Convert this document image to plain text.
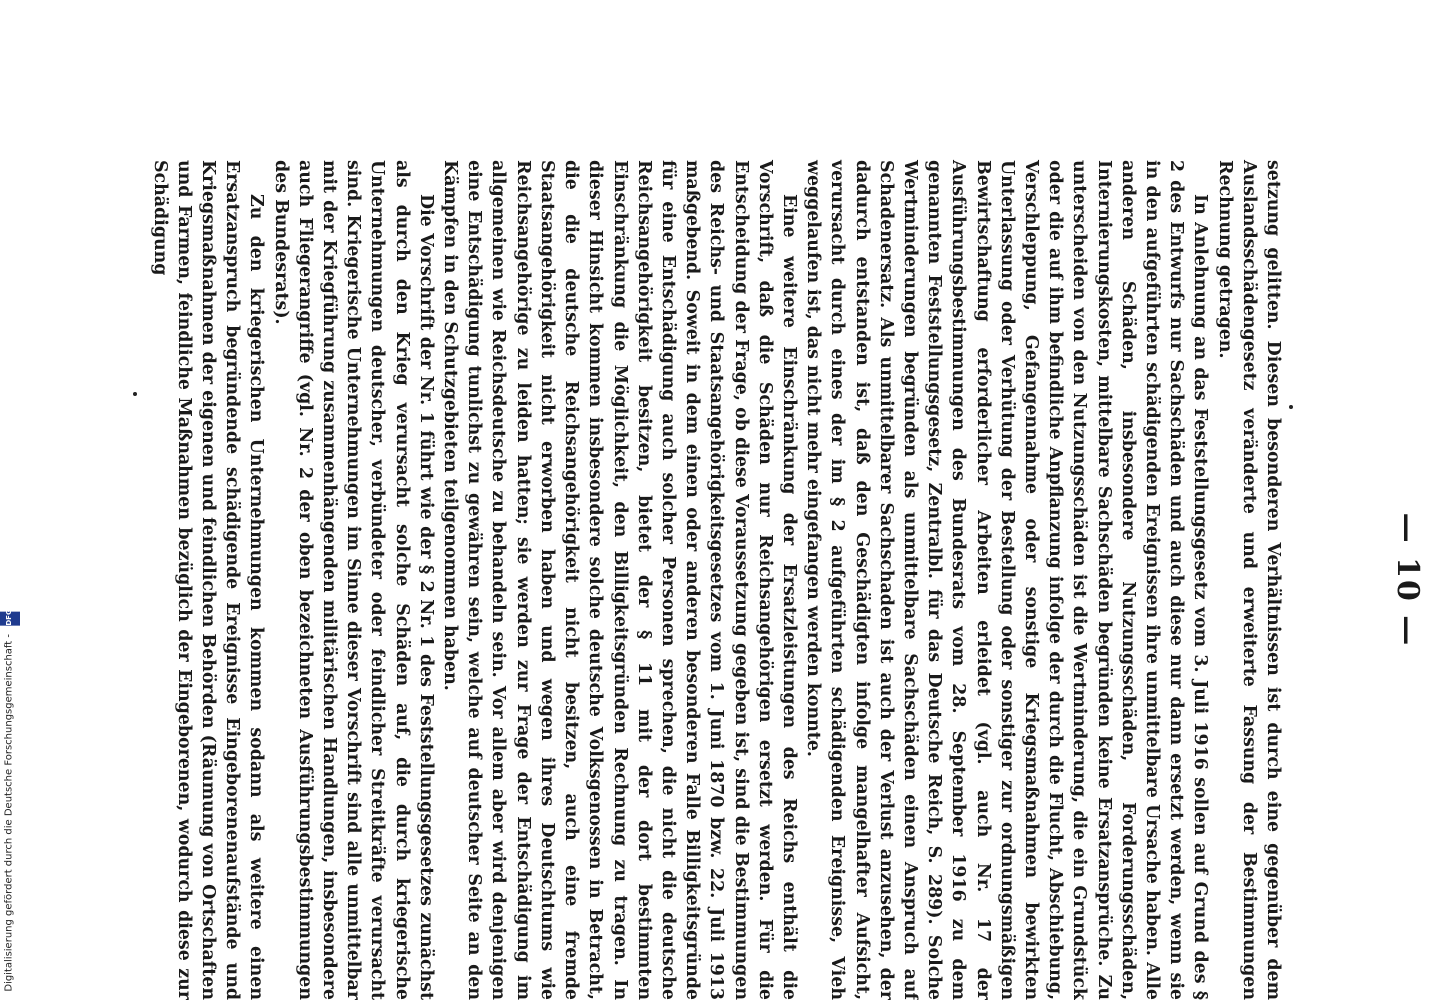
— 10 —

setzung gelitten. Diesen besonderen Verhältnissen ist durch eine gegenüber dem Auslandsschädengesetz veränderte und erweiterte Fassung der Bestimmungen Rechnung getragen.

In Anlehnung an das Feststellungsgesetz vom 3. Juli 1916 sollen auf Grund des § 2 des Entwurfs nur Sachschäden und auch diese nur dann ersetzt werden, wenn sie in den aufgeführten schädigenden Ereignissen ihre unmittelbare Ursache haben. Alle anderen Schäden, insbesondere Nutzungsschäden, Forderungsschäden, Internierungskosten, mittelbare Sachschäden begründen keine Ersatzansprüche. Zu unterscheiden von den Nutzungsschäden ist die Wertminderung, die ein Grundstück oder die auf ihm befindliche Anpflanzung infolge der durch die Flucht, Abschiebung, Verschleppung, Gefangennahme oder sonstige Kriegsmaßnahmen bewirkten Unterlassung oder Verhütung der Bestellung oder sonstiger zur ordnungsmäßigen Bewirtschaftung erforderlicher Arbeiten erleidet (vgl. auch Nr. 17 der Ausführungsbestimmungen des Bundesrats vom 28. September 1916 zu dem genannten Feststellungsgesetz, Zentralbl. für das Deutsche Reich, S. 289). Solche Wertminderungen begründen als unmittelbare Sachschäden einen Anspruch auf Schadenersatz. Als unmittelbarer Sachschaden ist auch der Verlust anzusehen, der dadurch entstanden ist, daß den Geschädigten infolge mangelhafter Aufsicht, verursacht durch eines der im § 2 aufgeführten schädigenden Ereignisse, Vieh weggelaufen ist, das nicht mehr eingefangen werden konnte.

Eine weitere Einschränkung der Ersatzleistungen des Reichs enthält die Vorschrift, daß die Schäden nur Reichsangehörigen ersetzt werden. Für die Entscheidung der Frage, ob diese Voraussetzung gegeben ist, sind die Bestimmungen des Reichs- und Staatsangehörigkeitsgesetzes vom 1. Juni 1870 bzw. 22. Juli 1913 maßgebend. Soweit in dem einen oder anderen besonderen Falle Billigkeitsgründe für eine Entschädigung auch solcher Personen sprechen, die nicht die deutsche Reichsangehörigkeit besitzen, bietet der § 11 mit der dort bestimmten Einschränkung die Möglichkeit, den Billigkeitsgründen Rechnung zu tragen. In dieser Hinsicht kommen insbesondere solche deutsche Volksgenossen in Betracht, die die deutsche Reichsangehörigkeit nicht besitzen, auch eine fremde Staatsangehörigkeit nicht erworben haben und wegen ihres Deutschtums wie Reichsangehörige zu leiden hatten; sie werden zur Frage der Entschädigung im allgemeinen wie Reichsdeutsche zu behandeln sein. Vor allem aber wird denjenigen eine Entschädigung tunlichst zu gewähren sein, welche auf deutscher Seite an den Kämpfen in den Schutzgebieten teilgenommen haben.

Die Vorschrift der Nr. 1 führt wie der § 2 Nr. 1 des Feststellungsgesetzes zunächst als durch den Krieg verursacht solche Schäden auf, die durch kriegerische Unternehmungen deutscher, verbündeter oder feindlicher Streitkräfte verursacht sind. Kriegerische Unternehmungen im Sinne dieser Vorschrift sind alle unmittelbar mit der Kriegführung zusammenhängenden militärischen Handlungen, insbesondere auch Fliegerangriffe (vgl. Nr. 2 der oben bezeichneten Ausführungsbestimmungen des Bundesrats).

Zu den kriegerischen Unternehmungen kommen sodann als weitere einen Ersatzanspruch begründende schädigende Ereignisse Eingeborenenaufstände und Kriegsmaßnahmen der eigenen und feindlichen Behörden (Räumung von Ortschaften und Farmen, feindliche Maßnahmen bezüglich der Eingeborenen, wodurch diese zur Schädigung

Digitalisierung gefördert durch die Deutsche Forschungsgemeinschaft -
DFG
